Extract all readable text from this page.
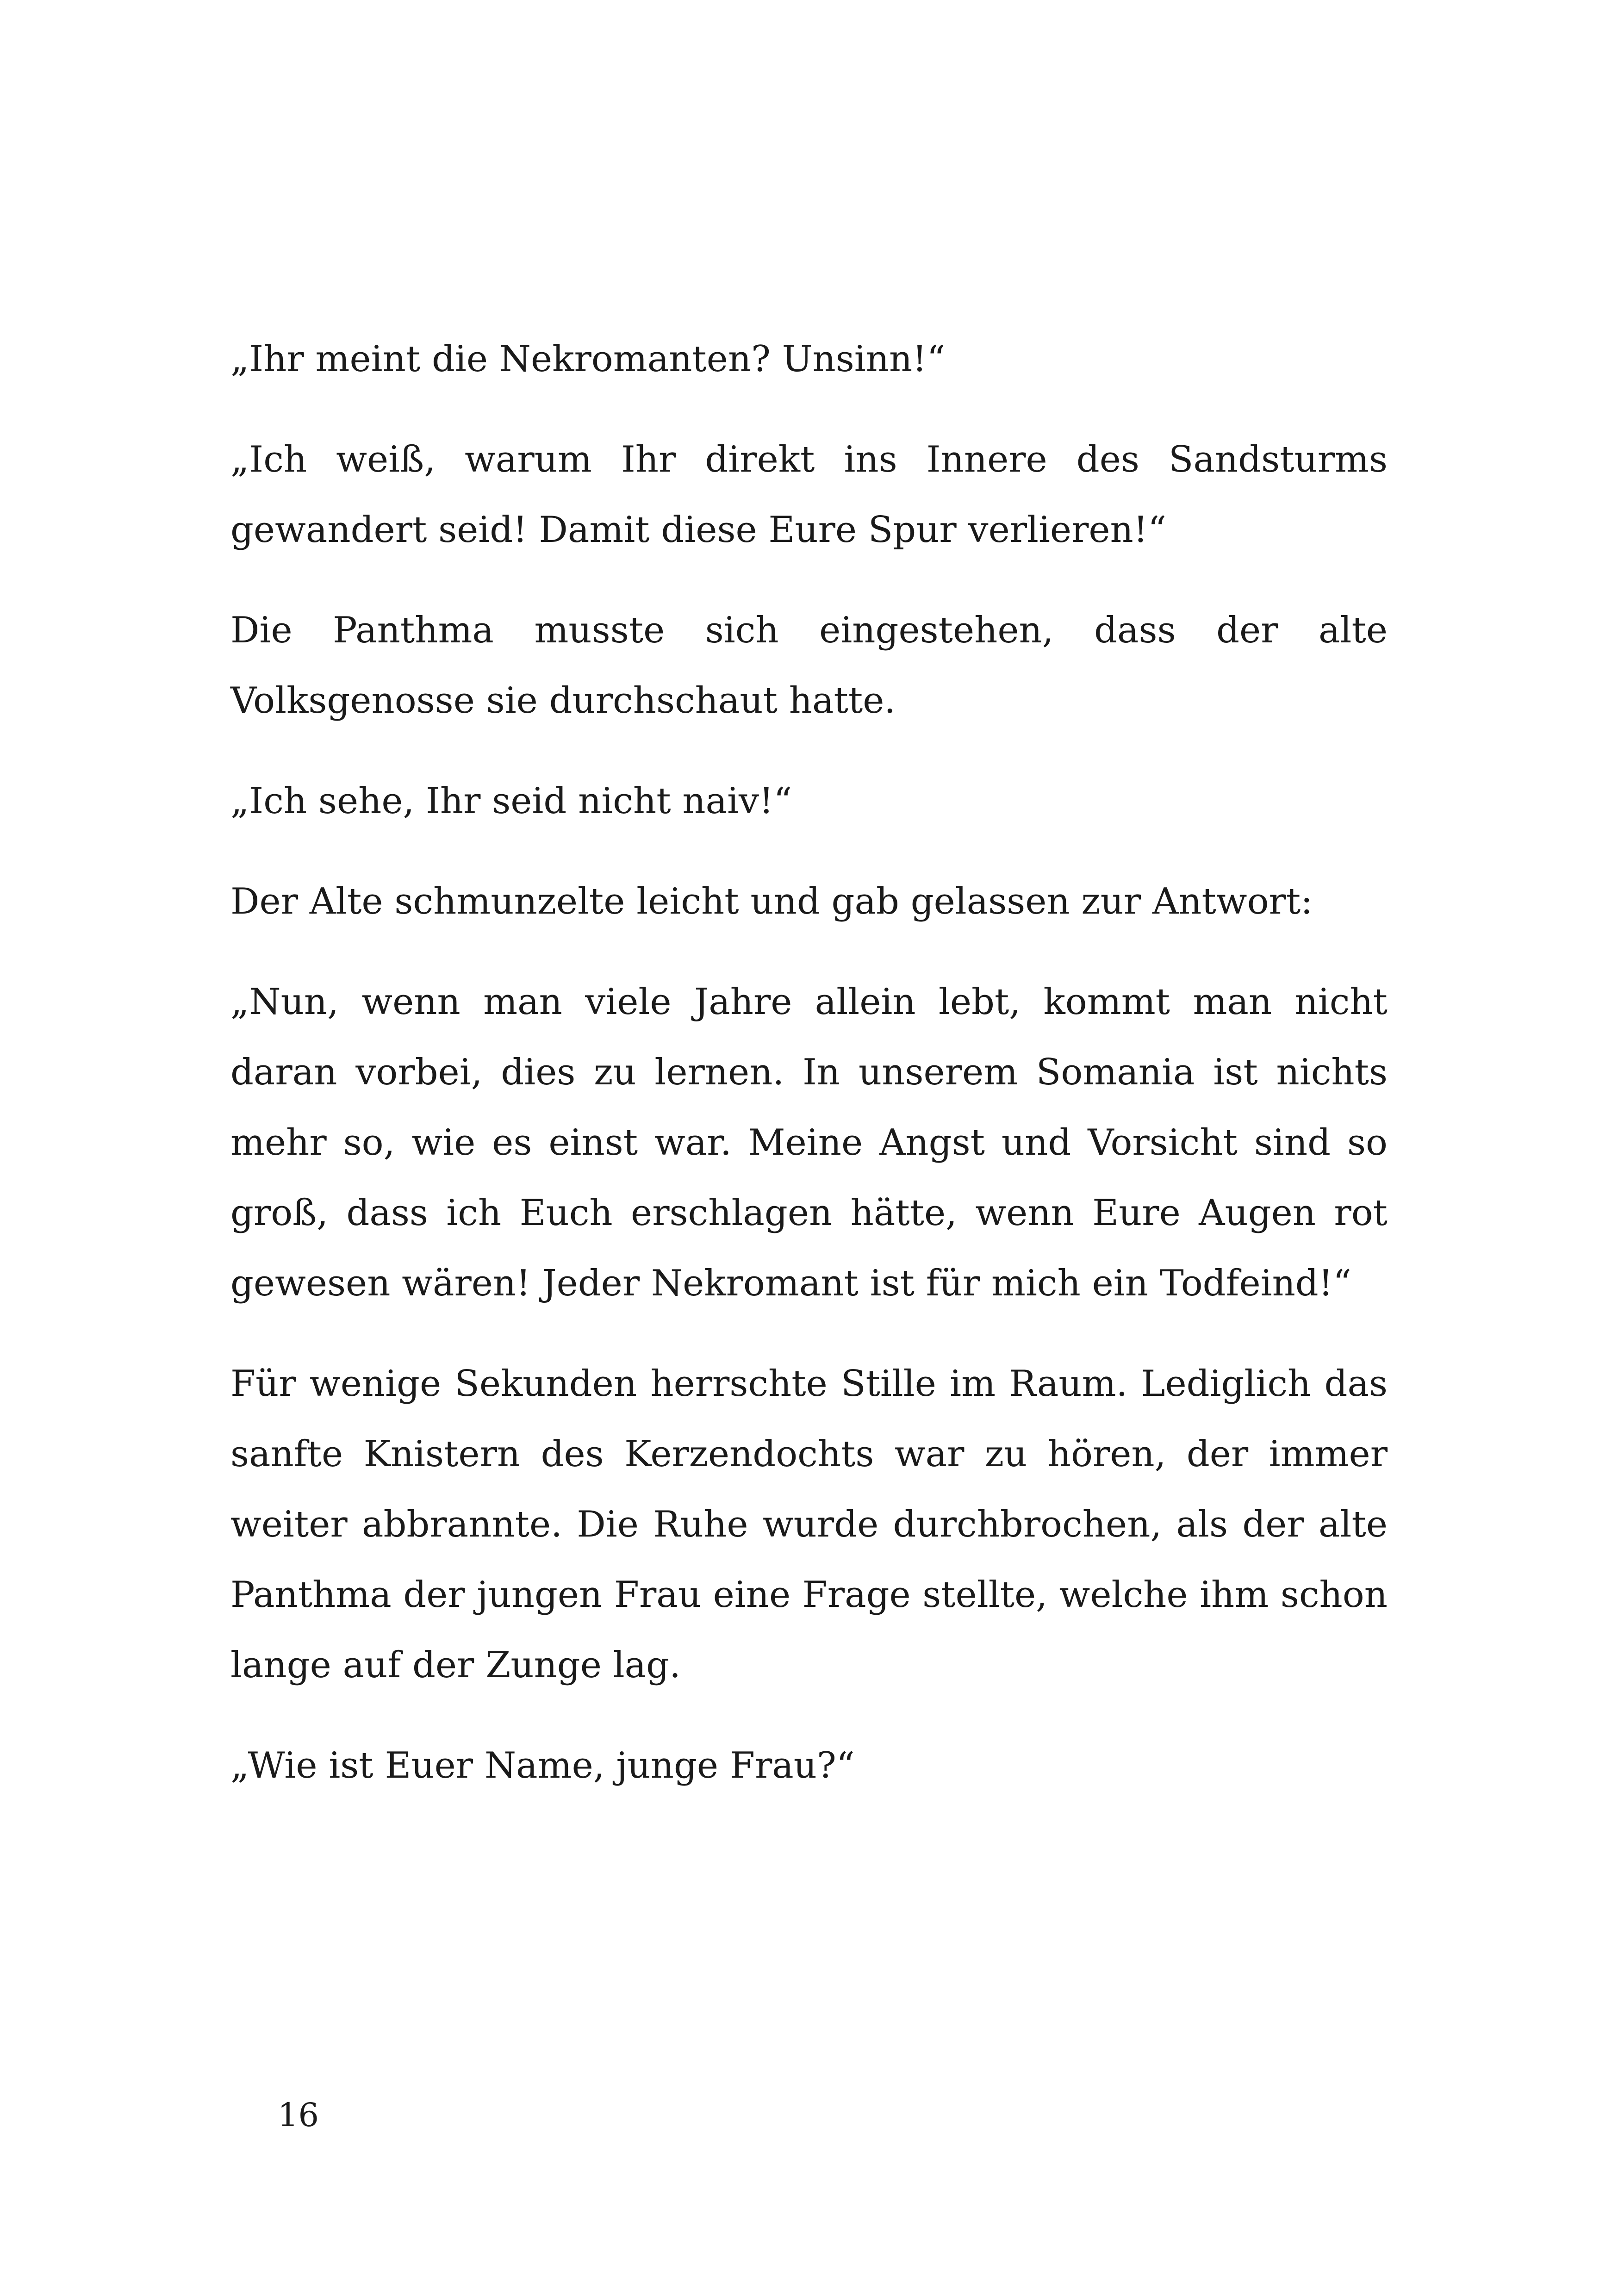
„Ihr meint die Nekromanten? Unsinn!“

„Ich weiß, warum Ihr direkt ins Innere des Sandsturms gewandert seid! Damit diese Eure Spur verlieren!“

Die Panthma musste sich eingestehen, dass der alte Volksgenosse sie durchschaut hatte.

„Ich sehe, Ihr seid nicht naiv!“

Der Alte schmunzelte leicht und gab gelassen zur Antwort:

„Nun, wenn man viele Jahre allein lebt, kommt man nicht daran vorbei, dies zu lernen. In unserem Somania ist nichts mehr so, wie es einst war. Meine Angst und Vorsicht sind so groß, dass ich Euch erschlagen hätte, wenn Eure Augen rot gewesen wären! Jeder Nekromant ist für mich ein Todfeind!“

Für wenige Sekunden herrschte Stille im Raum. Lediglich das sanfte Knistern des Kerzendochts war zu hören, der immer weiter abbrannte. Die Ruhe wurde durchbrochen, als der alte Panthma der jungen Frau eine Frage stellte, welche ihm schon lange auf der Zunge lag.

„Wie ist Euer Name, junge Frau?“

16
